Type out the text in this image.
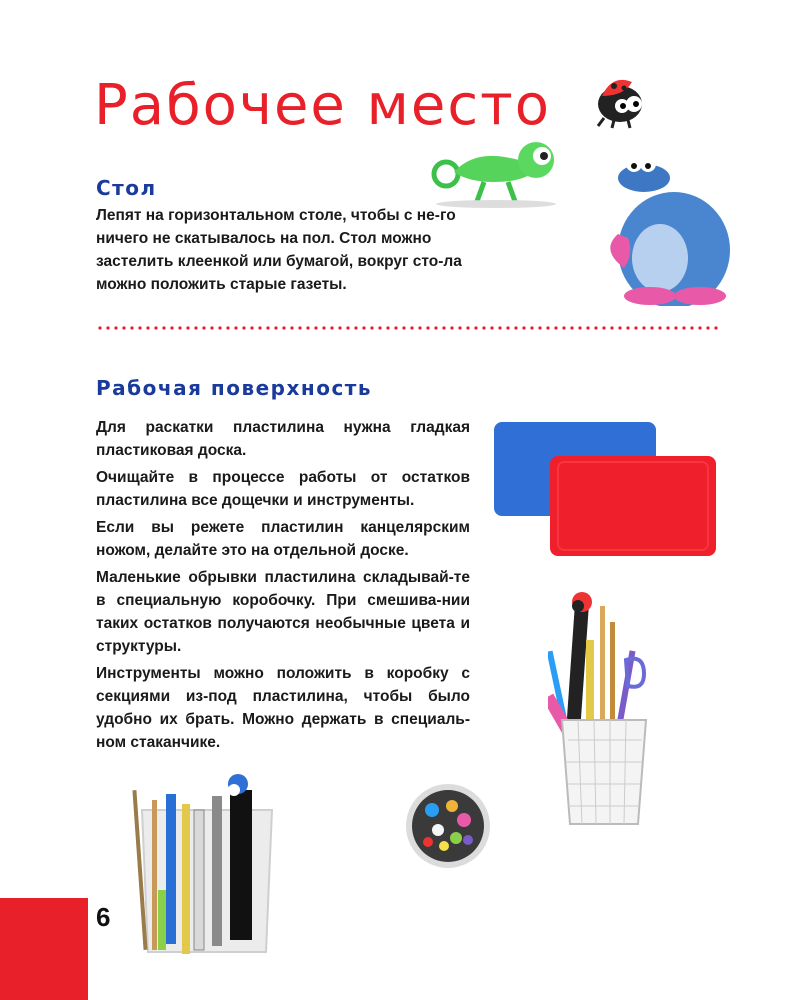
Рабочее место
Стол

Лепят на горизонтальном столе, чтобы с не-го ничего не скатывалось на пол. Стол можно застелить клеенкой или бумагой, вокруг сто-ла можно положить старые газеты.

Рабочая поверхность

Для раскатки пластилина нужна гладкая пластиковая доска.

Очищайте в процессе работы от остатков пластилина все дощечки и инструменты.

Если вы режете пластилин канцелярским ножом, делайте это на отдельной доске.

Маленькие обрывки пластилина складывай-те в специальную коробочку. При смешива-нии таких остатков получаются необычные цвета и структуры.

Инструменты можно положить в коробку с секциями из-под пластилина, чтобы было удобно их брать. Можно держать в специаль-ном стаканчике.

6
